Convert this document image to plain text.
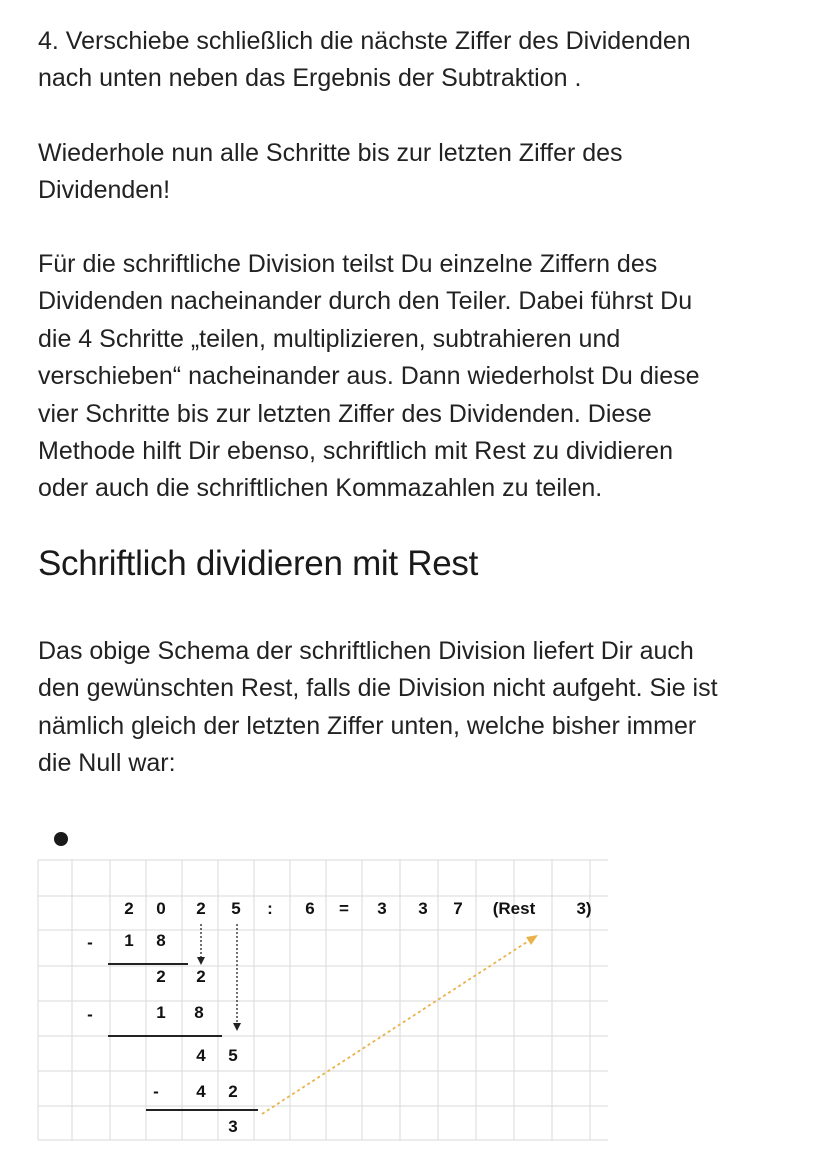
4. Verschiebe schließlich die nächste Ziffer des Dividenden
nach unten neben das Ergebnis der Subtraktion .

Wiederhole nun alle Schritte bis zur letzten Ziffer des
Dividenden!

Für die schriftliche Division teilst Du einzelne Ziffern des
Dividenden nacheinander durch den Teiler. Dabei führst Du
die 4 Schritte „teilen, multiplizieren, subtrahieren und
verschieben“ nacheinander aus. Dann wiederholst Du diese
vier Schritte bis zur letzten Ziffer des Dividenden. Diese
Methode hilft Dir ebenso, schriftlich mit Rest zu dividieren
oder auch die schriftlichen Kommazahlen zu teilen.

Schriftlich dividieren mit Rest

Das obige Schema der schriftlichen Division liefert Dir auch
den gewünschten Rest, falls die Division nicht aufgeht. Sie ist
nämlich gleich der letzten Ziffer unten, welche bisher immer
die Null war:

2 0 2 5 : 6 = 3 3 7 (Rest 3)
- 1 8
2 2
-	1 8
4 5
- 4 2
3
